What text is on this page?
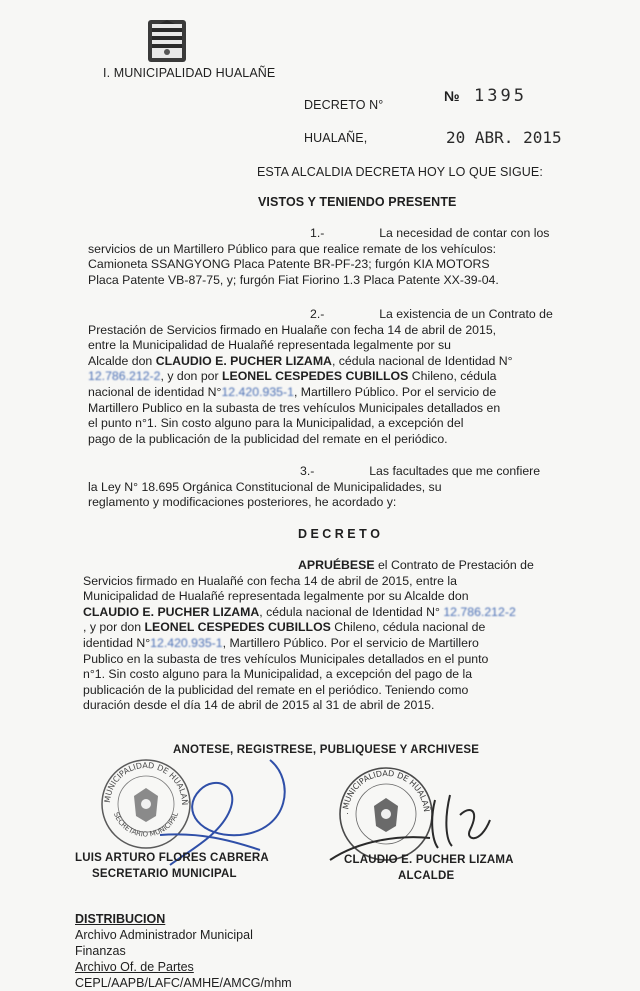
I. MUNICIPALIDAD HUALAÑE
DECRETO N°
№ 1395
HUALAÑE,	20 ABR. 2015
ESTA ALCALDIA DECRETA HOY LO QUE SIGUE:
VISTOS Y TENIENDO PRESENTE
1.-	La necesidad de contar con los
servicios de un Martillero Público para que realice remate de los vehículos:
Camioneta SSANGYONG Placa Patente BR-PF-23; furgón KIA MOTORS
Placa Patente VB-87-75, y; furgón Fiat Fiorino 1.3 Placa Patente XX-39-04.
2.-	La existencia de un Contrato de
Prestación de Servicios firmado en Hualañe con fecha 14 de abril de 2015,
entre la Municipalidad de Hualañé representada legalmente por su
Alcalde don CLAUDIO E. PUCHER LIZAMA, cédula nacional de Identidad N°
12.786.212-2, y don por LEONEL CESPEDES CUBILLOS Chileno, cédula
nacional de identidad N°12.420.935-1, Martillero Público. Por el servicio de
Martillero Publico en la subasta de tres vehículos Municipales detallados en
el punto n°1. Sin costo alguno para la Municipalidad, a excepción del
pago de la publicación de la publicidad del remate en el periódico.
3.-	Las facultades que me confiere
la Ley N° 18.695 Orgánica Constitucional de Municipalidades, su
reglamento y modificaciones posteriores, he acordado y:
D E C R E T O
APRUÉBESE el Contrato de Prestación de
Servicios firmado en Hualañé con fecha 14 de abril de 2015, entre la
Municipalidad de Hualañé representada legalmente por su Alcalde don
CLAUDIO E. PUCHER LIZAMA, cédula nacional de Identidad N° 12.786.212-2
, y por don LEONEL CESPEDES CUBILLOS Chileno, cédula nacional de
identidad N°12.420.935-1, Martillero Público. Por el servicio de Martillero
Publico en la subasta de tres vehículos Municipales detallados en el punto
n°1. Sin costo alguno para la Municipalidad, a excepción del pago de la
publicación de la publicidad del remate en el periódico. Teniendo como
duración desde el día 14 de abril de 2015 al 31 de abril de 2015.
ANOTESE, REGISTRESE, PUBLIQUESE Y ARCHIVESE
MUNICIPALIDAD DE HUALAÑ
SECRETARIO MUNICIPAL	. MUNICIPALIDAD DE HUALAÑ
LUIS ARTURO FLORES CABRERA
SECRETARIO MUNICIPAL
CLAUDIO E. PUCHER LIZAMA
ALCALDE
DISTRIBUCION
Archivo Administrador Municipal
Finanzas
Archivo Of. de Partes
CEPL/AAPB/LAFC/AMHE/AMCG/mhm
